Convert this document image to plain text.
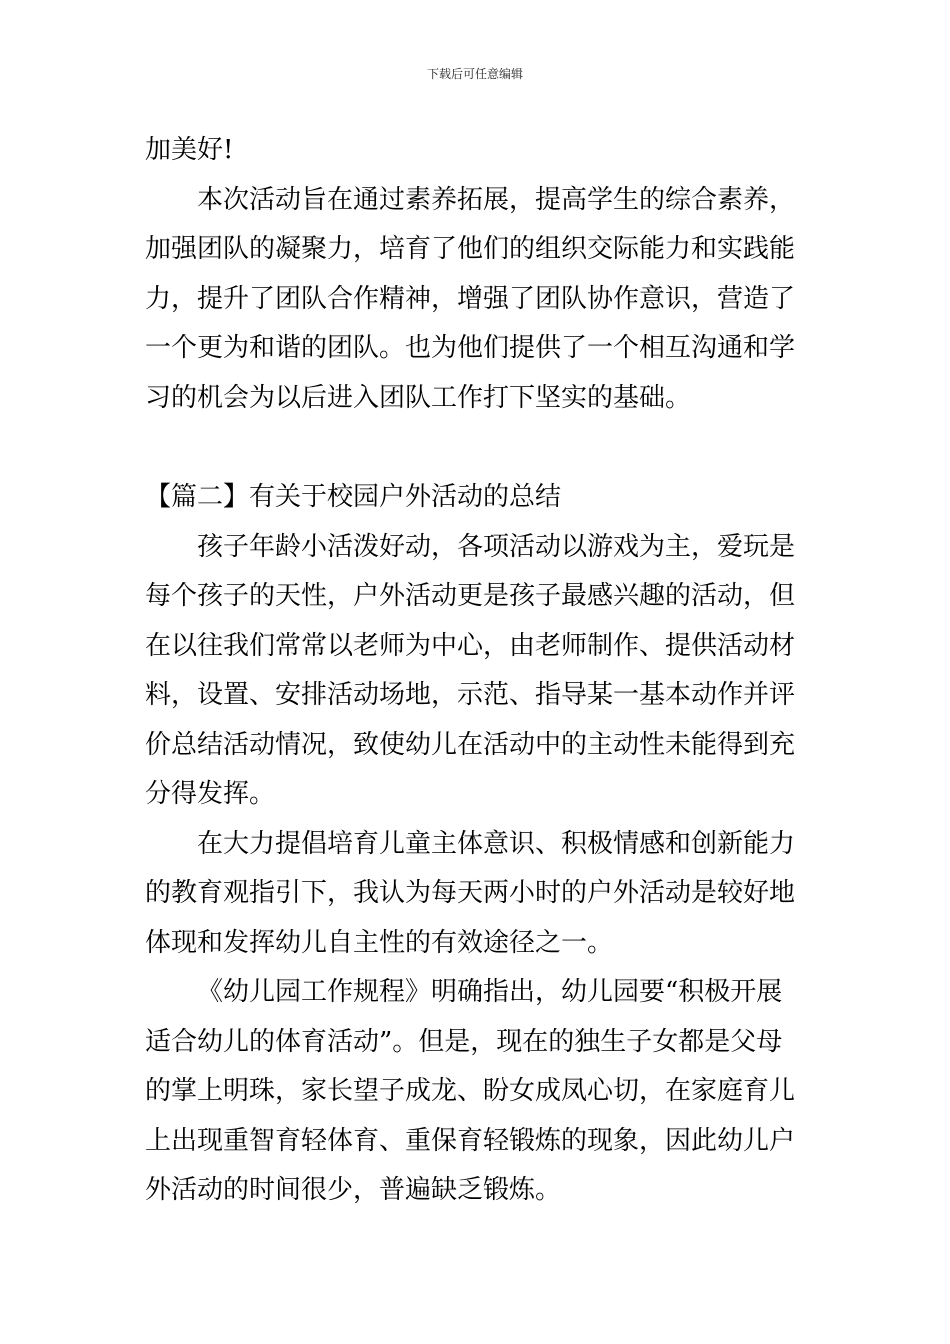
下载后可任意编辑
加美好!
本次活动旨在通过素养拓展，提高学生的综合素养，
加强团队的凝聚力，培育了他们的组织交际能力和实践能
力，提升了团队合作精神，增强了团队协作意识，营造了
一个更为和谐的团队。也为他们提供了一个相互沟通和学
习的机会为以后进入团队工作打下坚实的基础。
【篇二】有关于校园户外活动的总结
孩子年龄小活泼好动，各项活动以游戏为主，爱玩是
每个孩子的天性，户外活动更是孩子最感兴趣的活动，但
在以往我们常常以老师为中心，由老师制作、提供活动材
料，设置、安排活动场地，示范、指导某一基本动作并评
价总结活动情况，致使幼儿在活动中的主动性未能得到充
分得发挥。
在大力提倡培育儿童主体意识、积极情感和创新能力
的教育观指引下，我认为每天两小时的户外活动是较好地
体现和发挥幼儿自主性的有效途径之一。
《幼儿园工作规程》明确指出，幼儿园要“积极开展
适合幼儿的体育活动”。但是，现在的独生子女都是父母
的掌上明珠，家长望子成龙、盼女成凤心切，在家庭育儿
上出现重智育轻体育、重保育轻锻炼的现象，因此幼儿户
外活动的时间很少，普遍缺乏锻炼。
